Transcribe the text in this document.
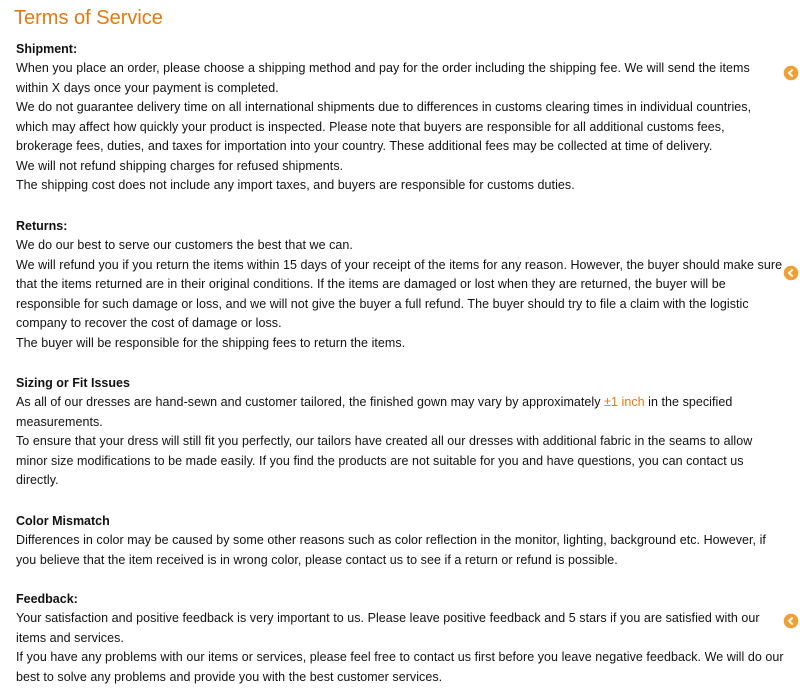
Terms of Service

Shipment:

When you place an order, please choose a shipping method and pay for the order including the shipping fee. We will send the items within X days once your payment is completed.

We do not guarantee delivery time on all international shipments due to differences in customs clearing times in individual countries, which may affect how quickly your product is inspected. Please note that buyers are responsible for all additional customs fees, brokerage fees, duties, and taxes for importation into your country. These additional fees may be collected at time of delivery.

We will not refund shipping charges for refused shipments.

The shipping cost does not include any import taxes, and buyers are responsible for customs duties.

Returns:

We do our best to serve our customers the best that we can.

We will refund you if you return the items within 15 days of your receipt of the items for any reason. However, the buyer should make sure that the items returned are in their original conditions. If the items are damaged or lost when they are returned, the buyer will be responsible for such damage or loss, and we will not give the buyer a full refund. The buyer should try to file a claim with the logistic company to recover the cost of damage or loss.

The buyer will be responsible for the shipping fees to return the items.

Sizing or Fit Issues

As all of our dresses are hand-sewn and customer tailored, the finished gown may vary by approximately ±1 inch in the specified measurements.

To ensure that your dress will still fit you perfectly, our tailors have created all our dresses with additional fabric in the seams to allow minor size modifications to be made easily. If you find the products are not suitable for you and have questions, you can contact us directly.

Color Mismatch

Differences in color may be caused by some other reasons such as color reflection in the monitor, lighting, background etc. However, if you believe that the item received is in wrong color, please contact us to see if a return or refund is possible.

Feedback:

Your satisfaction and positive feedback is very important to us. Please leave positive feedback and 5 stars if you are satisfied with our items and services.

If you have any problems with our items or services, please feel free to contact us first before you leave negative feedback. We will do our best to solve any problems and provide you with the best customer services.
